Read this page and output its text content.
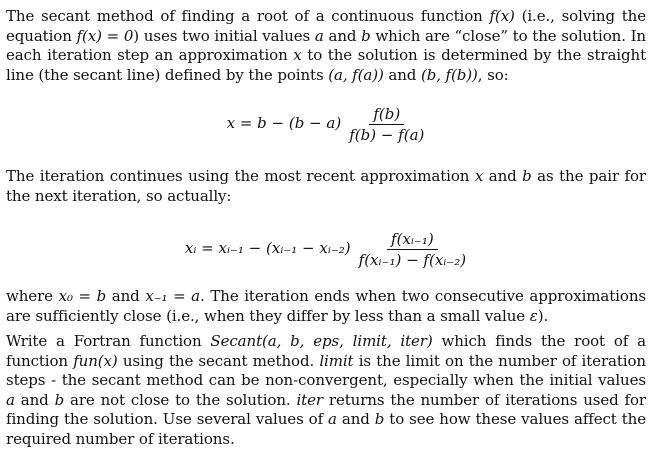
The secant method of finding a root of a continuous function f(x) (i.e., solving the equation f(x) = 0) uses two initial values a and b which are “close” to the solution. In each iteration step an approximation x to the solution is determined by the straight line (the secant line) defined by the points (a, f(a)) and (b, f(b)), so:

$x = b - (b - a) \frac{f(b)}{f(b) - f(a)}$

The iteration continues using the most recent approximation x and b as the pair for the next iteration, so actually:

xᵢ = xᵢ₋₁ − (xᵢ₋₁ − xᵢ₋₂) $\frac{\text{f(xᵢ₋₁)}}{\text{f(xᵢ₋₁) − f(xᵢ₋₂)}}$

where x₀ = b and x₋₁ = a. The iteration ends when two consecutive approximations are sufficiently close (i.e., when they differ by less than a small value ε).

Write a Fortran function Secant(a, b, eps, limit, iter) which finds the root of a function fun(x) using the secant method. limit is the limit on the number of iteration steps - the secant method can be non-convergent, especially when the initial values a and b are not close to the solution. iter returns the number of iterations used for finding the solution. Use several values of a and b to see how these values affect the required number of iterations.
